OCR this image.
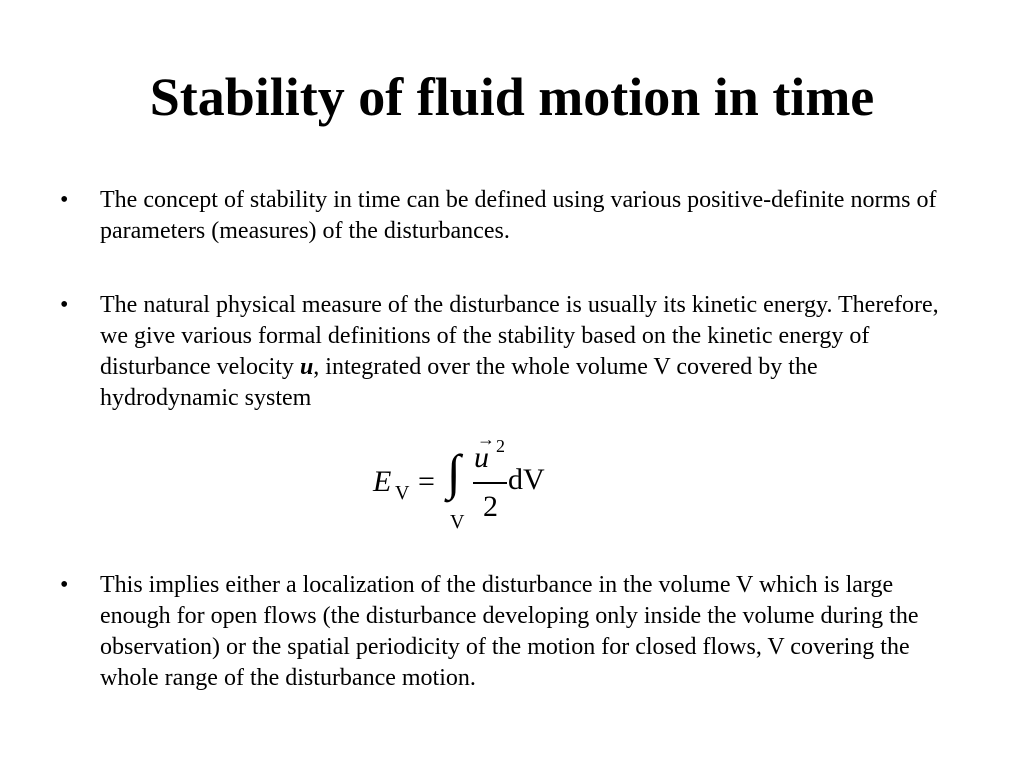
Stability of fluid motion in time
• The concept of stability in time can be defined using various positive-definite norms of parameters (measures) of the disturbances.
• The natural physical measure of the disturbance is usually its kinetic energy. Therefore, we give various formal definitions of the stability based on the kinetic energy of disturbance velocity u, integrated over the whole volume V covered by the hydrodynamic system
• This implies either a localization of the disturbance in the volume V which is large enough for open flows (the disturbance developing only inside the volume during the observation) or the spatial periodicity of the motion for closed flows, V covering the whole range of the disturbance motion.
E V = ∫
V
→
u 2
2
dV
